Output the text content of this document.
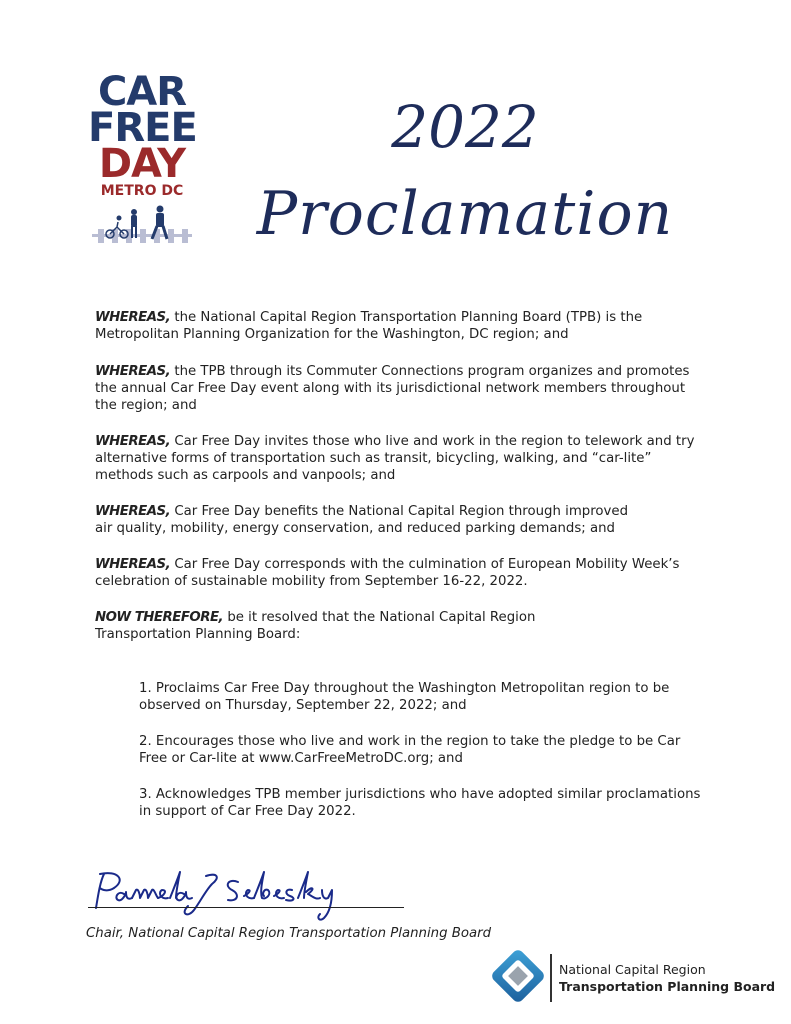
CAR
FREE
DAY
METRO DC
2022
Proclamation

WHEREAS, the National Capital Region Transportation Planning Board (TPB) is the Metropolitan Planning Organization for the Washington, DC region; and

WHEREAS, the TPB through its Commuter Connections program organizes and promotes the annual Car Free Day event along with its jurisdictional network members throughout the region; and

WHEREAS, Car Free Day invites those who live and work in the region to telework and try alternative forms of transportation such as transit, bicycling, walking, and “car-lite” methods such as carpools and vanpools; and

WHEREAS, Car Free Day benefits the National Capital Region through improved air quality, mobility, energy conservation, and reduced parking demands; and

WHEREAS, Car Free Day corresponds with the culmination of European Mobility Week’s celebration of sustainable mobility from September 16-22, 2022.

NOW THEREFORE, be it resolved that the National Capital Region Transportation Planning Board:

1. Proclaims Car Free Day throughout the Washington Metropolitan region to be observed on Thursday, September 22, 2022; and
2. Encourages those who live and work in the region to take the pledge to be Car Free or Car-lite at www.CarFreeMetroDC.org; and
3. Acknowledges TPB member jurisdictions who have adopted similar proclamations in support of Car Free Day 2022.
Chair, National Capital Region Transportation Planning Board
National Capital Region
Transportation Planning Board
